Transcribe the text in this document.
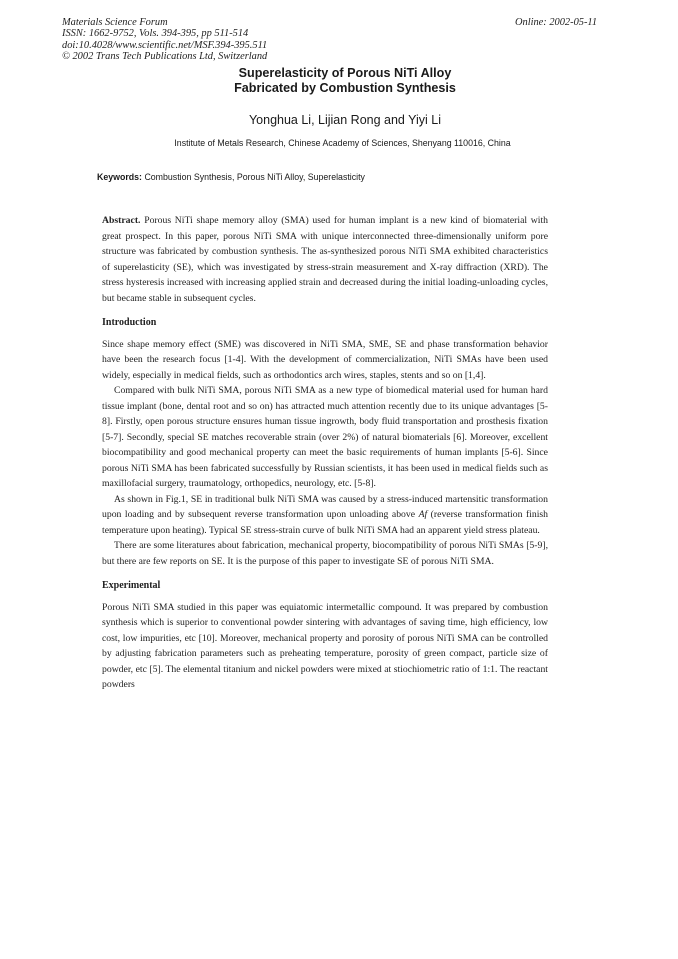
Materials Science Forum
ISSN: 1662-9752, Vols. 394-395, pp 511-514
doi:10.4028/www.scientific.net/MSF.394-395.511
© 2002 Trans Tech Publications Ltd, Switzerland
Online: 2002-05-11
Superelasticity of Porous NiTi Alloy
Fabricated by Combustion Synthesis
Yonghua Li, Lijian Rong and Yiyi Li
Institute of Metals Research, Chinese Academy of Sciences, Shenyang 110016, China
Keywords: Combustion Synthesis, Porous NiTi Alloy, Superelasticity

Abstract. Porous NiTi shape memory alloy (SMA) used for human implant is a new kind of biomaterial with great prospect. In this paper, porous NiTi SMA with unique interconnected three-dimensionally uniform pore structure was fabricated by combustion synthesis. The as-synthesized porous NiTi SMA exhibited characteristics of superelasticity (SE), which was investigated by stress-strain measurement and X-ray diffraction (XRD). The stress hysteresis increased with increasing applied strain and decreased during the initial loading-unloading cycles, but became stable in subsequent cycles.

Introduction

Since shape memory effect (SME) was discovered in NiTi SMA, SME, SE and phase transformation behavior have been the research focus [1-4]. With the development of commercialization, NiTi SMAs have been used widely, especially in medical fields, such as orthodontics arch wires, staples, stents and so on [1,4].

Compared with bulk NiTi SMA, porous NiTi SMA as a new type of biomedical material used for human hard tissue implant (bone, dental root and so on) has attracted much attention recently due to its unique advantages [5-8]. Firstly, open porous structure ensures human tissue ingrowth, body fluid transportation and prosthesis fixation [5-7]. Secondly, special SE matches recoverable strain (over 2%) of natural biomaterials [6]. Moreover, excellent biocompatibility and good mechanical property can meet the basic requirements of human implants [5-6]. Since porous NiTi SMA has been fabricated successfully by Russian scientists, it has been used in medical fields such as maxillofacial surgery, traumatology, orthopedics, neurology, etc. [5-8].

As shown in Fig.1, SE in traditional bulk NiTi SMA was caused by a stress-induced martensitic transformation upon loading and by subsequent reverse transformation upon unloading above Af (reverse transformation finish temperature upon heating). Typical SE stress-strain curve of bulk NiTi SMA had an apparent yield stress plateau.

There are some literatures about fabrication, mechanical property, biocompatibility of porous NiTi SMAs [5-9], but there are few reports on SE. It is the purpose of this paper to investigate SE of porous NiTi SMA.

Experimental

Porous NiTi SMA studied in this paper was equiatomic intermetallic compound. It was prepared by combustion synthesis which is superior to conventional powder sintering with advantages of saving time, high efficiency, low cost, low impurities, etc [10]. Moreover, mechanical property and porosity of porous NiTi SMA can be controlled by adjusting fabrication parameters such as preheating temperature, porosity of green compact, particle size of powder, etc [5]. The elemental titanium and nickel powders were mixed at stiochiometric ratio of 1:1. The reactant powders
